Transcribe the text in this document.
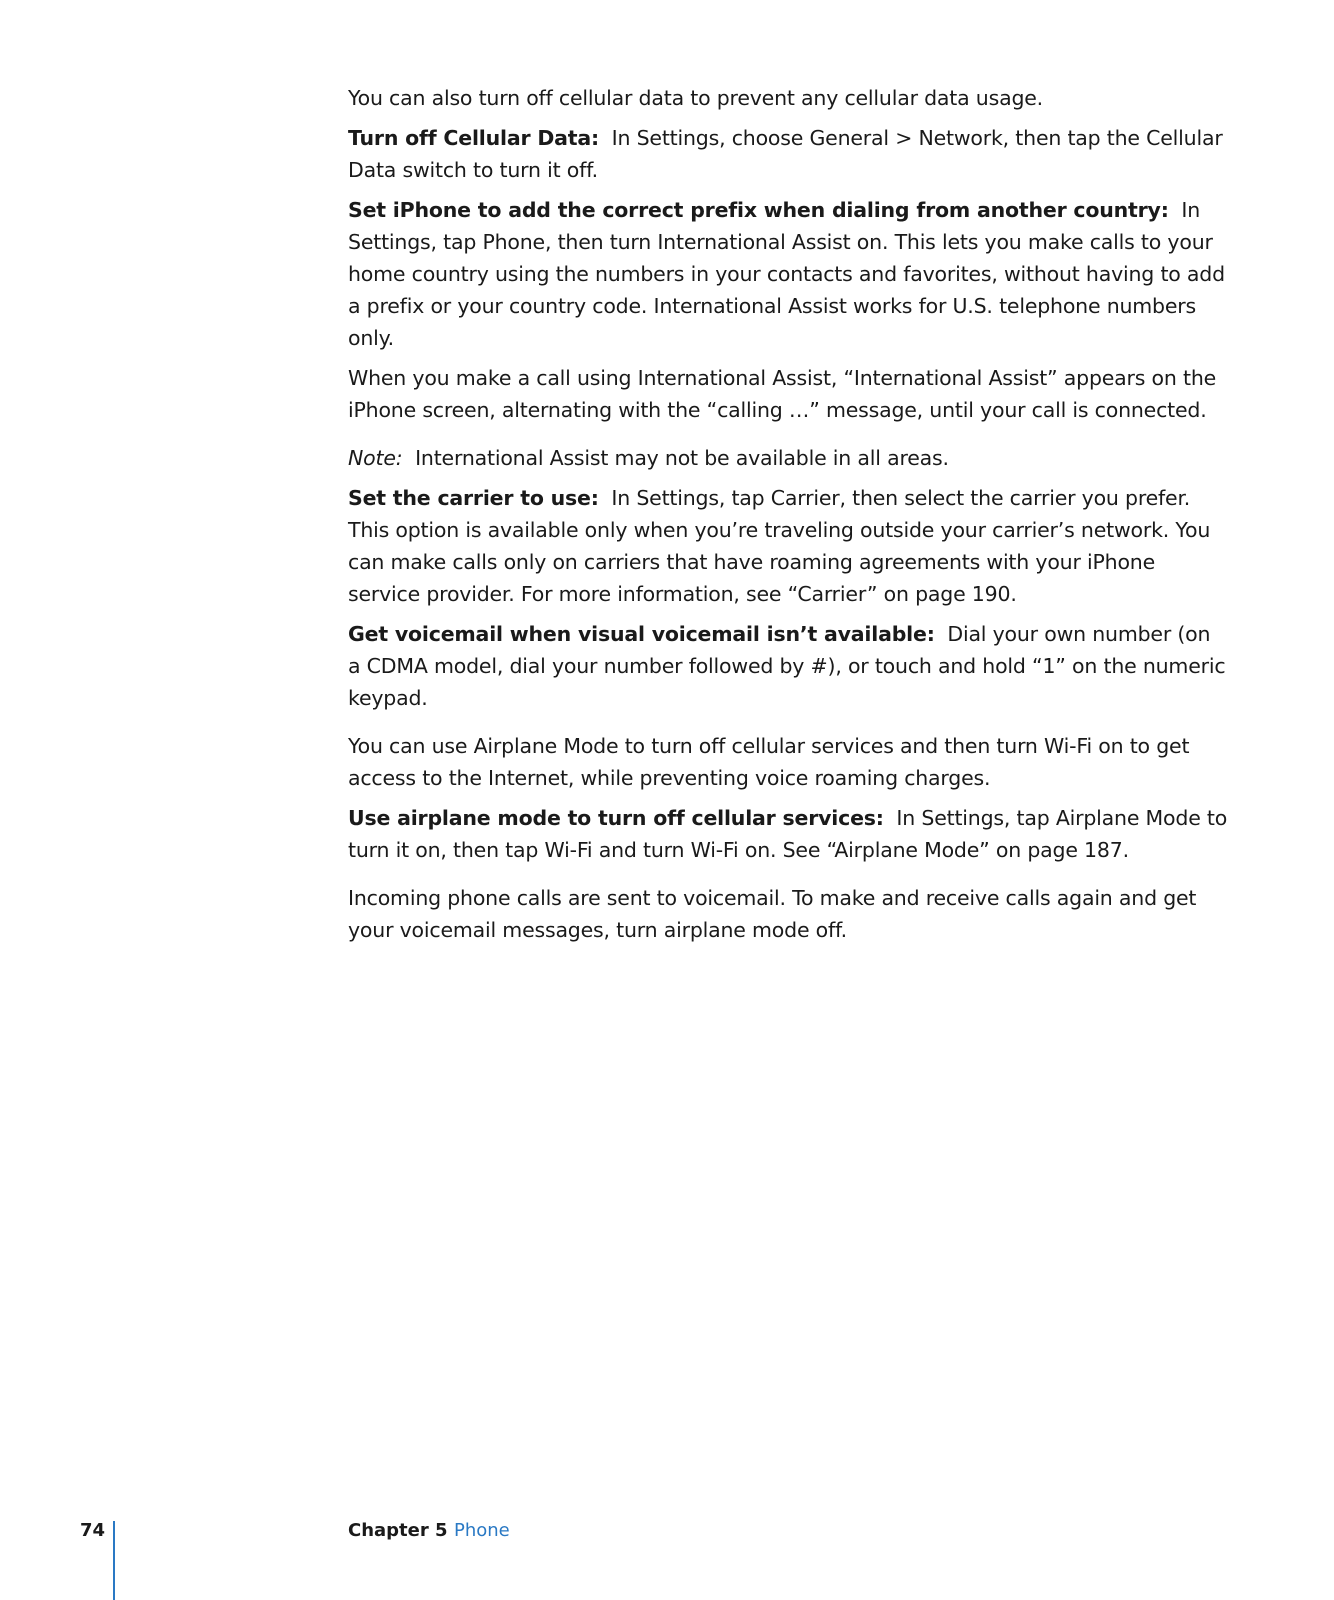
You can also turn off cellular data to prevent any cellular data usage.

Turn off Cellular Data: In Settings, choose General > Network, then tap the Cellular Data switch to turn it off.

Set iPhone to add the correct prefix when dialing from another country: In Settings, tap Phone, then turn International Assist on. This lets you make calls to your home country using the numbers in your contacts and favorites, without having to add a prefix or your country code. International Assist works for U.S. telephone numbers only.

When you make a call using International Assist, “International Assist” appears on the iPhone screen, alternating with the “calling …” message, until your call is connected.

Note: International Assist may not be available in all areas.

Set the carrier to use: In Settings, tap Carrier, then select the carrier you prefer. This option is available only when you’re traveling outside your carrier’s network. You can make calls only on carriers that have roaming agreements with your iPhone service provider. For more information, see “Carrier” on page 190.

Get voicemail when visual voicemail isn’t available: Dial your own number (on a CDMA model, dial your number followed by #), or touch and hold “1” on the numeric keypad.

You can use Airplane Mode to turn off cellular services and then turn Wi-Fi on to get access to the Internet, while preventing voice roaming charges.

Use airplane mode to turn off cellular services: In Settings, tap Airplane Mode to turn it on, then tap Wi-Fi and turn Wi-Fi on. See “Airplane Mode” on page 187.

Incoming phone calls are sent to voicemail. To make and receive calls again and get your voicemail messages, turn airplane mode off.

74	Chapter 5 Phone
